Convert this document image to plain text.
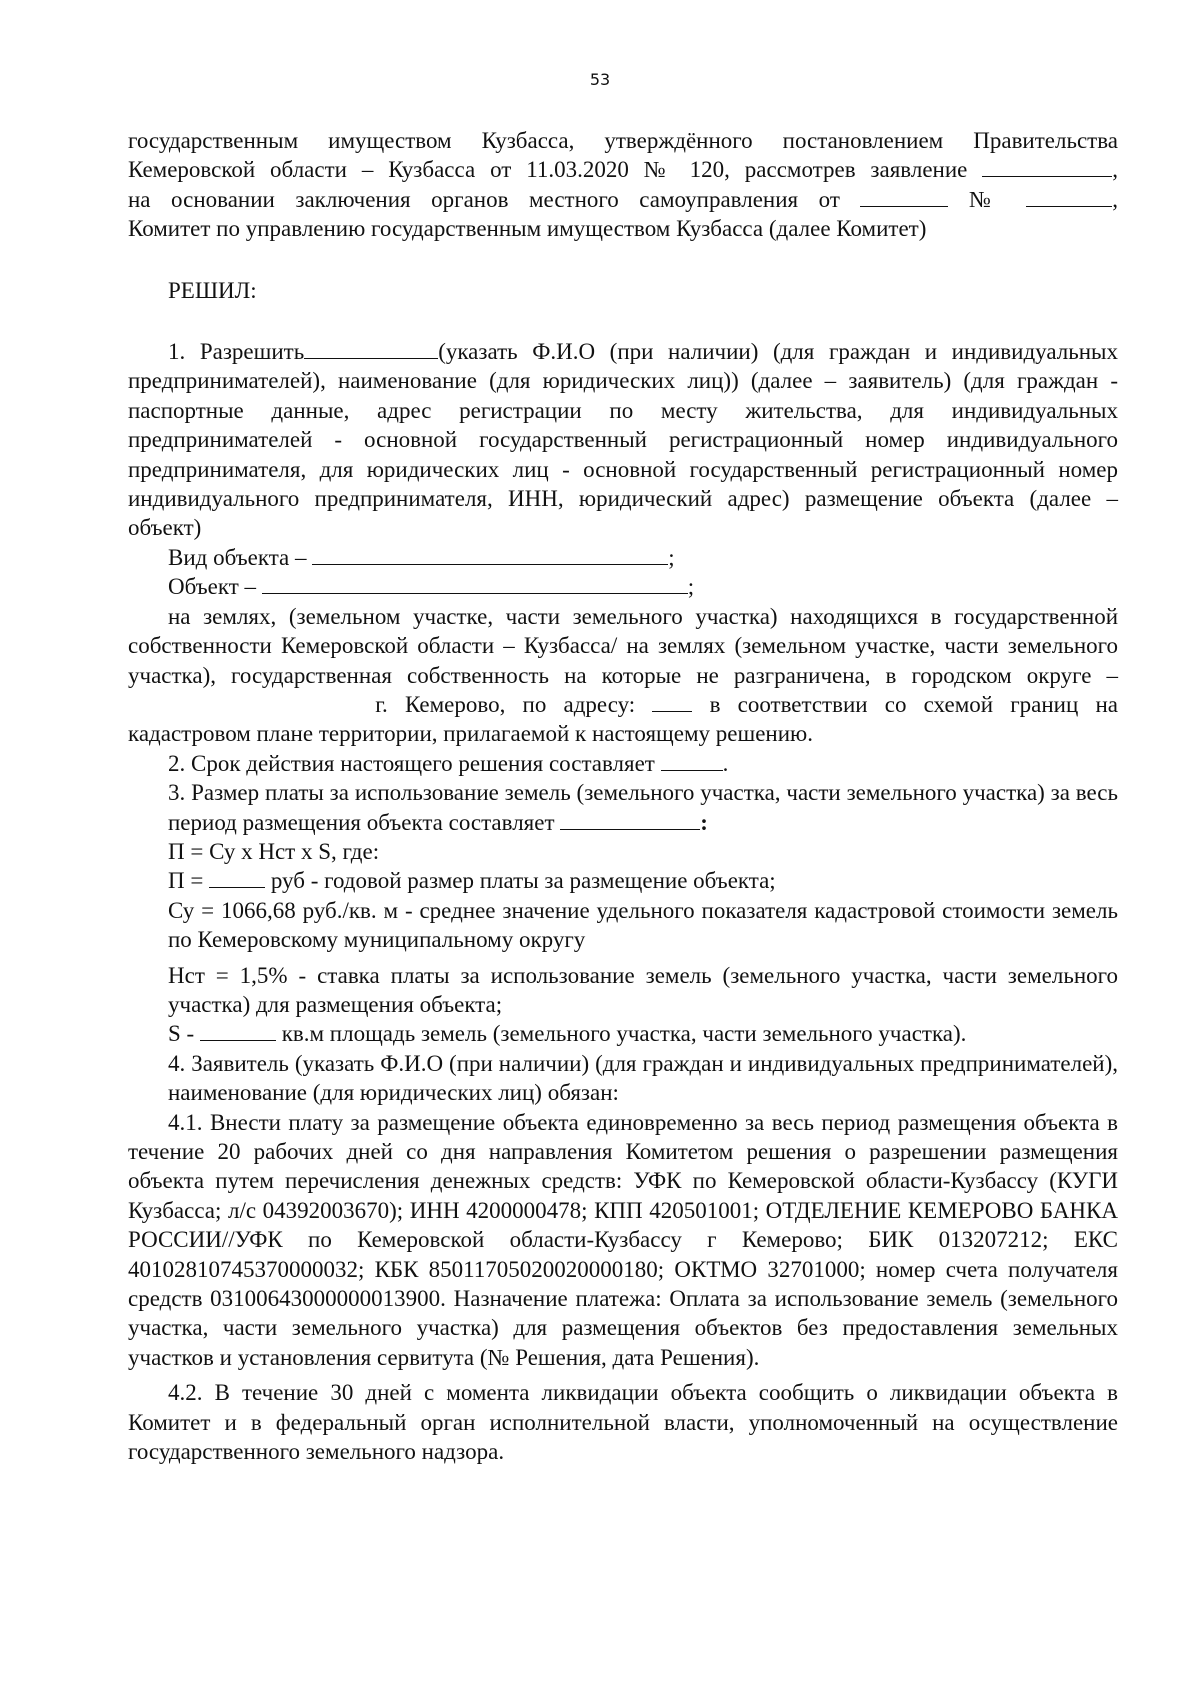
53

государственным имуществом Кузбасса, утверждённого постановлением Правительства

Кемеровской области – Кузбасса от 11.03.2020 № 120, рассмотрев заявление	,

на основании заключения органов местного самоуправления от	№	,

Комитет по управлению государственным имуществом Кузбасса (далее Комитет)

РЕШИЛ:

1. Разрешить	(указать Ф.И.О (при наличии) (для граждан и индивидуальных предпринимателей), наименование (для юридических лиц)) (далее – заявитель) (для граждан - паспортные данные, адрес регистрации по месту жительства, для индивидуальных предпринимателей - основной государственный регистрационный номер индивидуального предпринимателя, для юридических лиц - основной государственный регистрационный номер индивидуального предпринимателя, ИНН, юридический адрес) размещение объекта (далее – объект)

Вид объекта –	;

Объект –	;

на землях, (земельном участке, части земельного участка) находящихся в государственной собственности Кемеровской области – Кузбасса/ на землях (земельном участке, части земельного участка), государственная собственность на которые не разграничена, в городском округе – г. Кемерово, по адресу:	в соответствии со схемой границ на кадастровом плане территории, прилагаемой к настоящему решению.

2. Срок действия настоящего решения составляет	.

3. Размер платы за использование земель (земельного участка, части земельного участка) за весь период размещения объекта составляет	:

П = Су х Нст х S, где:

П =	руб - годовой размер платы за размещение объекта;

Су = 1066,68 руб./кв. м - среднее значение удельного показателя кадастровой стоимости земель по Кемеровскому муниципальному округу

Нст = 1,5% - ставка платы за использование земель (земельного участка, части земельного участка) для размещения объекта;

S -	кв.м площадь земель (земельного участка, части земельного участка).

4. Заявитель (указать Ф.И.О (при наличии) (для граждан и индивидуальных предпринимателей), наименование (для юридических лиц) обязан:

4.1. Внести плату за размещение объекта единовременно за весь период размещения объекта в течение 20 рабочих дней со дня направления Комитетом решения о разрешении размещения объекта путем перечисления денежных средств: УФК по Кемеровской области-Кузбассу (КУГИ Кузбасса; л/с 04392003670); ИНН 4200000478; КПП 420501001; ОТДЕЛЕНИЕ КЕМЕРОВО БАНКА РОССИИ//УФК по Кемеровской области-Кузбассу г Кемерово; БИК 013207212; ЕКС 40102810745370000032; КБК 85011705020020000180; ОКТМО 32701000; номер счета получателя средств 03100643000000013900. Назначение платежа: Оплата за использование земель (земельного участка, части земельного участка) для размещения объектов без предоставления земельных участков и установления сервитута (№ Решения, дата Решения).

4.2. В течение 30 дней с момента ликвидации объекта сообщить о ликвидации объекта в Комитет и в федеральный орган исполнительной власти, уполномоченный на осуществление государственного земельного надзора.
